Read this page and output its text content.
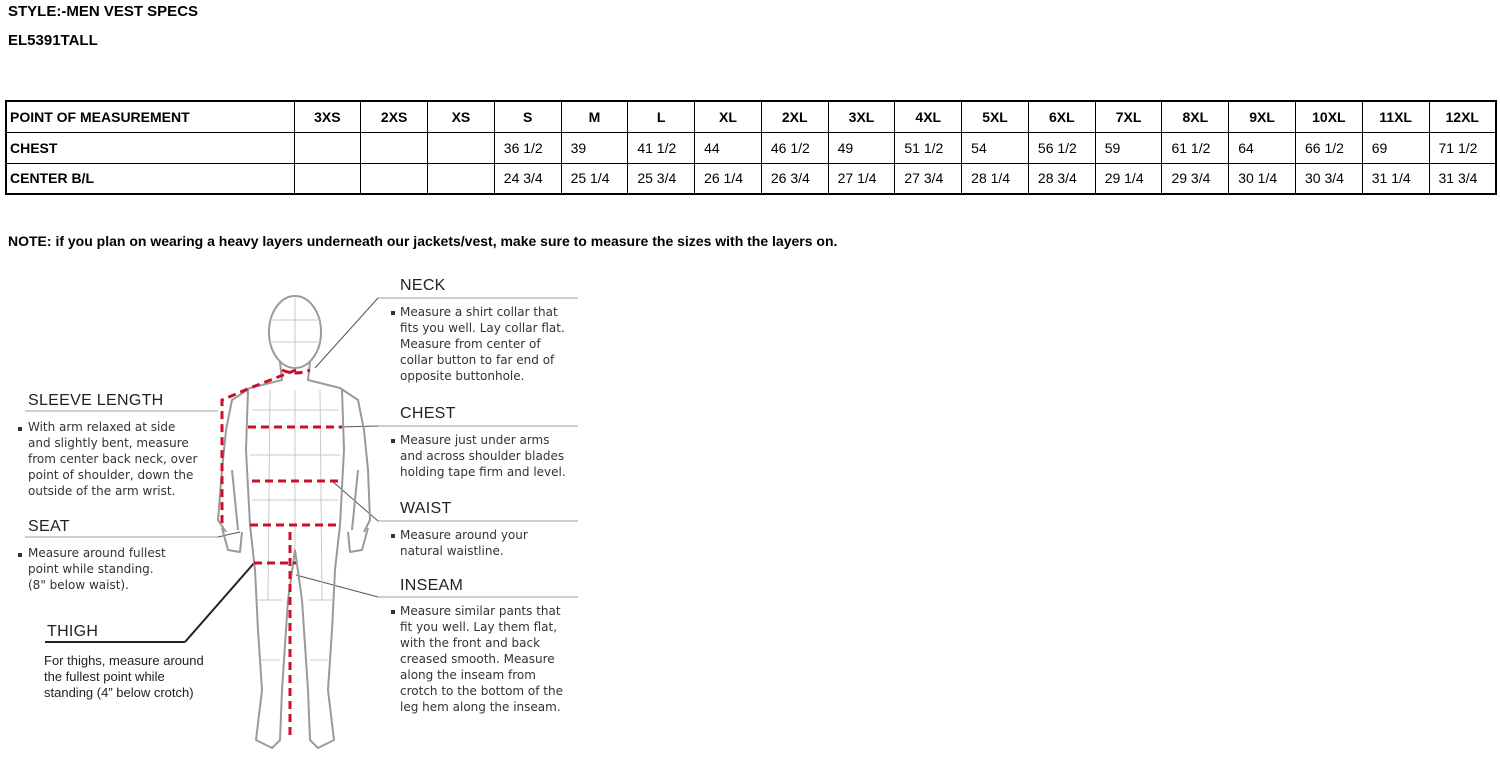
STYLE:-MEN VEST SPECS
EL5391TALL
POINT OF MEASUREMENT	3XS	2XS	XS	S	M	L	XL	2XL	3XL	4XL	5XL	6XL	7XL	8XL	9XL	10XL	11XL	12XL
CHEST				36 1/2	39	41 1/2	44	46 1/2	49	51 1/2	54	56 1/2	59	61 1/2	64	66 1/2	69	71 1/2
CENTER B/L				24 3/4	25 1/4	25 3/4	26 1/4	26 3/4	27 1/4	27 3/4	28 1/4	28 3/4	29 1/4	29 3/4	30 1/4	30 3/4	31 1/4	31 3/4
NOTE: if you plan on wearing a heavy layers underneath our jackets/vest, make sure to measure the sizes with the layers on.
NECK
Measure a shirt collar that
fits you well. Lay collar flat.
Measure from center of
collar button to far end of
opposite buttonhole.
CHEST
Measure just under arms
and across shoulder blades
holding tape firm and level.
WAIST
Measure around your
natural waistline.
INSEAM
Measure similar pants that
fit you well. Lay them flat,
with the front and back
creased smooth. Measure
along the inseam from
crotch to the bottom of the
leg hem along the inseam.
SLEEVE LENGTH
With arm relaxed at side
and slightly bent, measure
from center back neck, over
point of shoulder, down the
outside of the arm wrist.
SEAT
Measure around fullest
point while standing.
(8" below waist).
THIGH
For thighs, measure around
the fullest point while
standing (4” below crotch)
